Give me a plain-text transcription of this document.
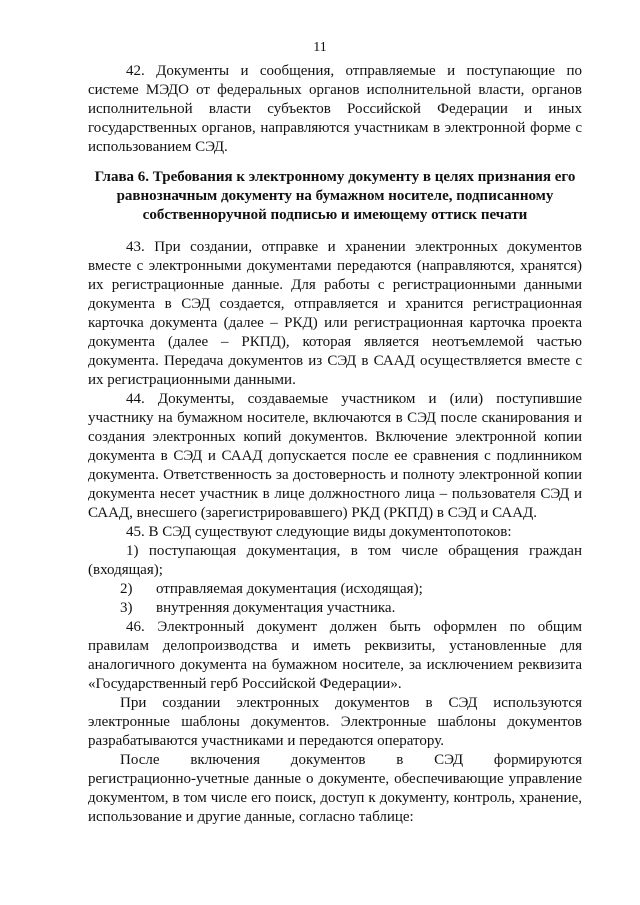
11
42. Документы и сообщения, отправляемые и поступающие по
системе МЭДО от федеральных органов исполнительной власти, органов
исполнительной власти субъектов Российской Федерации и иных
государственных органов, направляются участникам в электронной форме с
использованием СЭД.
Глава 6. Требования к электронному документу в целях признания его
равнозначным документу на бумажном носителе, подписанному
собственноручной подписью и имеющему оттиск печати
43. При создании, отправке и хранении электронных документов
вместе с электронными документами передаются (направляются, хранятся)
их регистрационные данные. Для работы с регистрационными данными
документа в СЭД создается, отправляется и хранится регистрационная
карточка документа (далее – РКД) или регистрационная карточка проекта
документа (далее – РКПД), которая является неотъемлемой частью
документа. Передача документов из СЭД в СААД осуществляется вместе с
их регистрационными данными.
44. Документы, создаваемые участником и (или) поступившие
участнику на бумажном носителе, включаются в СЭД после сканирования и
создания электронных копий документов. Включение электронной копии
документа в СЭД и СААД допускается после ее сравнения с подлинником
документа. Ответственность за достоверность и полноту электронной копии
документа несет участник в лице должностного лица – пользователя СЭД и
СААД, внесшего (зарегистрировавшего) РКД (РКПД) в СЭД и СААД.
45. В СЭД существуют следующие виды документопотоков:
1) поступающая документация, в том числе обращения граждан
(входящая);
2) отправляемая документация (исходящая);
3) внутренняя документация участника.
46. Электронный документ должен быть оформлен по общим
правилам делопроизводства и иметь реквизиты, установленные для
аналогичного документа на бумажном носителе, за исключением реквизита
«Государственный герб Российской Федерации».
При создании электронных документов в СЭД используются
электронные шаблоны документов. Электронные шаблоны документов
разрабатываются участниками и передаются оператору.
После включения документов в СЭД формируются
регистрационно-учетные данные о документе, обеспечивающие управление
документом, в том числе его поиск, доступ к документу, контроль, хранение,
использование и другие данные, согласно таблице:
